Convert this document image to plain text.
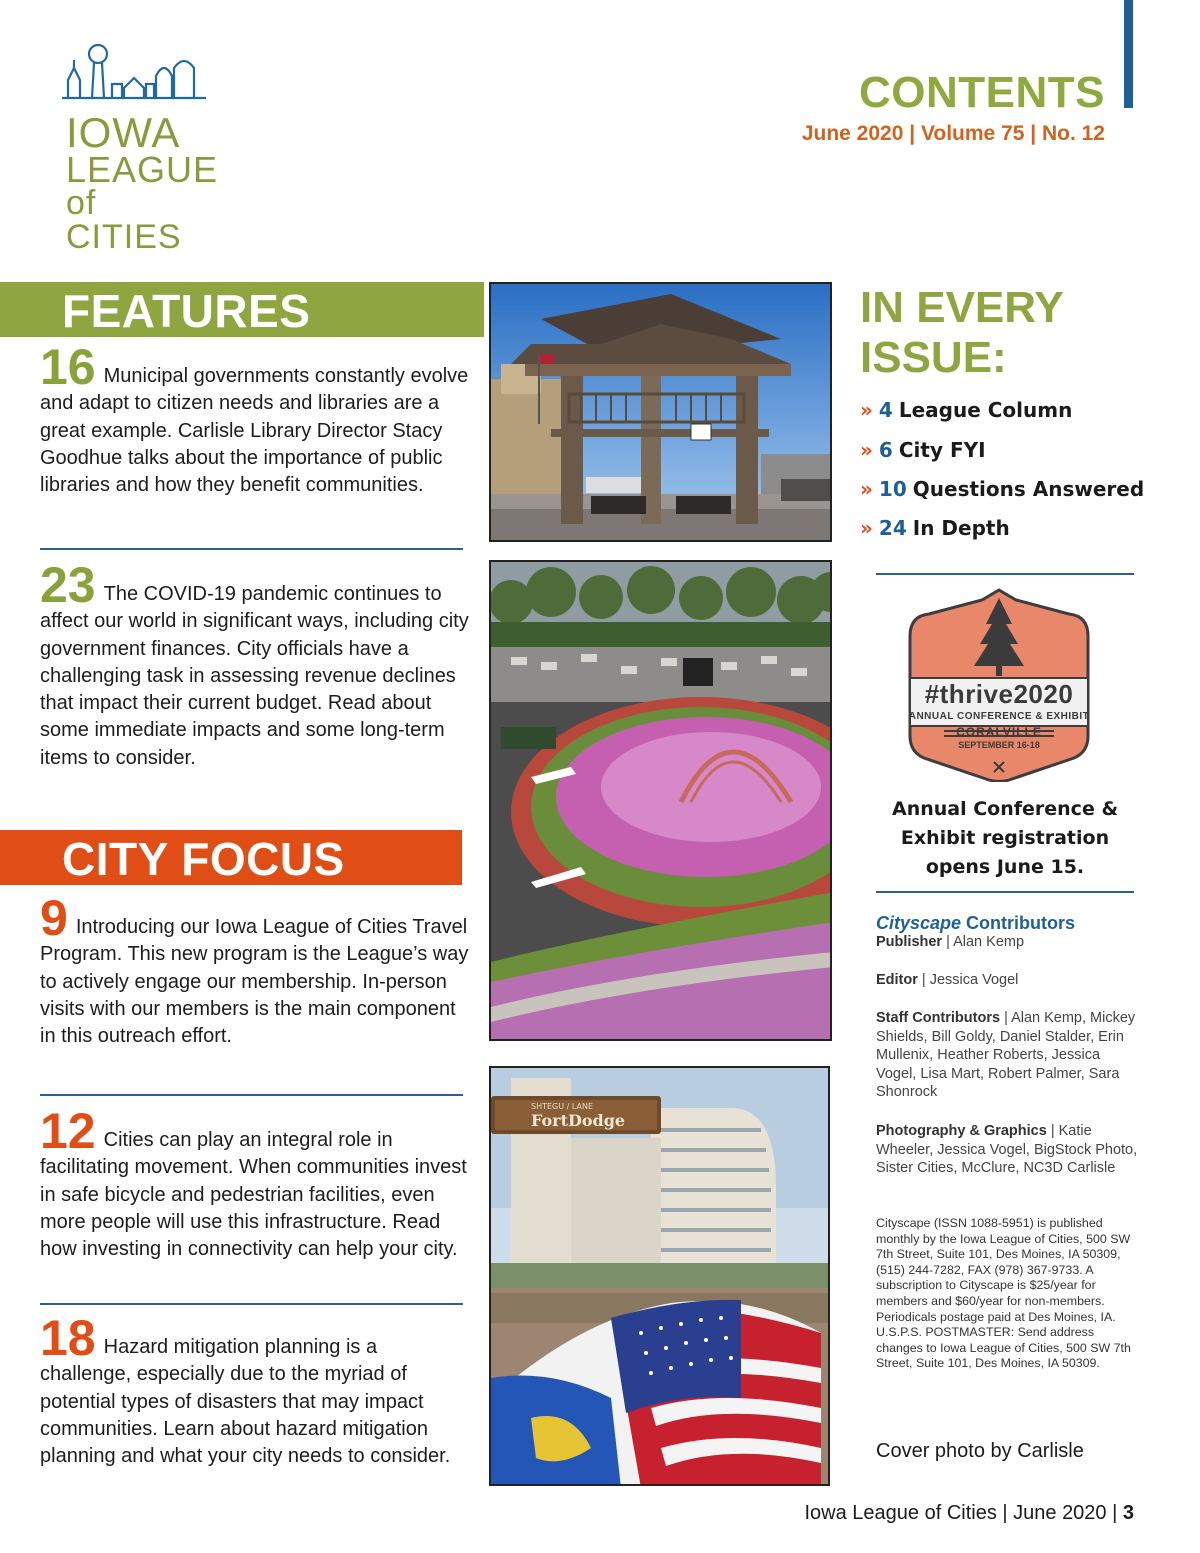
IOWA
LEAGUE
of CITIES
CONTENTS
June 2020 | Volume 75 | No. 12
FEATURES
16 Municipal governments constantly evolve and adapt to citizen needs and libraries are a great example. Carlisle Library Director Stacy Goodhue talks about the importance of public libraries and how they benefit communities.
23 The COVID-19 pandemic continues to affect our world in significant ways, including city government finances. City officials have a challenging task in assessing revenue declines that impact their current budget. Read about some immediate impacts and some long-term items to consider.
CITY FOCUS
9 Introducing our Iowa League of Cities Travel Program. This new program is the League’s way to actively engage our membership. In-person visits with our members is the main component in this outreach effort.
12 Cities can play an integral role in facilitating movement. When communities invest in safe bicycle and pedestrian facilities, even more people will use this infrastructure. Read how investing in connectivity can help your city.
18 Hazard mitigation planning is a challenge, especially due to the myriad of potential types of disasters that may impact communities. Learn about hazard mitigation planning and what your city needs to consider.
SHTEGU / LANE
FortDodge
IN EVERY
ISSUE:
» 4 League Column
» 6 City FYI
» 10 Questions Answered
» 24 In Depth
#thrive2020
ANNUAL CONFERENCE & EXHIBIT
CORALVILLE
SEPTEMBER 16-18
Annual Conference & Exhibit registration opens June 15.
Cityscape Contributors
Publisher | Alan Kemp
Editor | Jessica Vogel
Staff Contributors | Alan Kemp, Mickey Shields, Bill Goldy, Daniel Stalder, Erin Mullenix, Heather Roberts, Jessica Vogel, Lisa Mart, Robert Palmer, Sara Shonrock
Photography & Graphics | Katie Wheeler, Jessica Vogel, BigStock Photo, Sister Cities, McClure, NC3D Carlisle
Cityscape (ISSN 1088-5951) is published monthly by the Iowa League of Cities, 500 SW 7th Street, Suite 101, Des Moines, IA 50309, (515) 244-7282, FAX (978) 367-9733. A subscription to Cityscape is $25/year for members and $60/year for non-members. Periodicals postage paid at Des Moines, IA. U.S.P.S. POSTMASTER: Send address changes to Iowa League of Cities, 500 SW 7th Street, Suite 101, Des Moines, IA 50309.
Cover photo by Carlisle
Iowa League of Cities | June 2020 | 3
